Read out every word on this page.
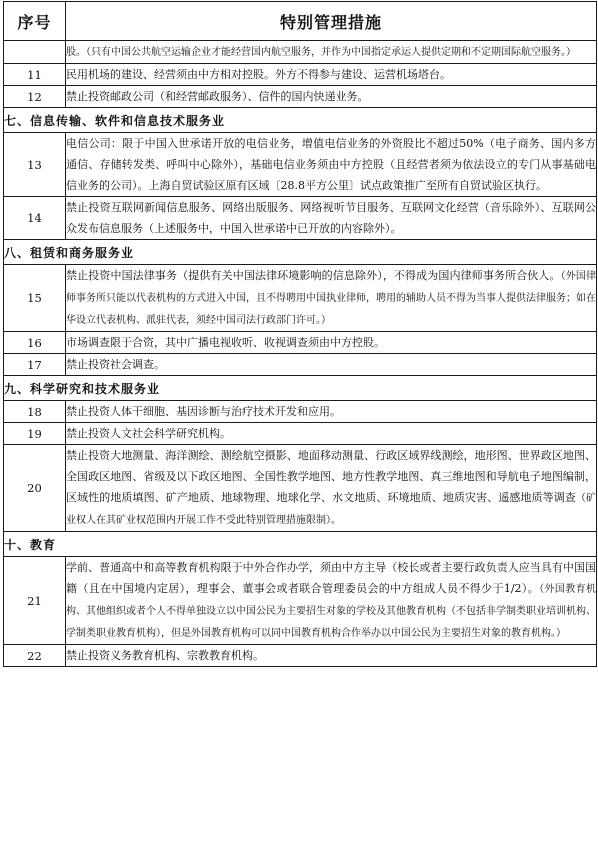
序号	特别管理措施
	股。（只有中国公共航空运输企业才能经营国内航空服务，并作为中国指定承运人提供定期和不定期国际航空服务。）
11	民用机场的建设、经营须由中方相对控股。外方不得参与建设、运营机场塔台。
12	禁止投资邮政公司（和经营邮政服务）、信件的国内快递业务。
七、信息传输、软件和信息技术服务业	
13	电信公司：限于中国入世承诺开放的电信业务，增值电信业务的外资股比不超过50%（电子商务、国内多方通信、存储转发类、呼叫中心除外），基础电信业务须由中方控股（且经营者须为依法设立的专门从事基础电信业务的公司）。上海自贸试验区原有区域〔28.8平方公里〕试点政策推广至所有自贸试验区执行。
14	禁止投资互联网新闻信息服务、网络出版服务、网络视听节目服务、互联网文化经营（音乐除外）、互联网公众发布信息服务（上述服务中，中国入世承诺中已开放的内容除外）。
八、租赁和商务服务业	
15	禁止投资中国法律事务（提供有关中国法律环境影响的信息除外），不得成为国内律师事务所合伙人。（外国律师事务所只能以代表机构的方式进入中国，且不得聘用中国执业律师，聘用的辅助人员不得为当事人提供法律服务；如在华设立代表机构、派驻代表，须经中国司法行政部门许可。）
16	市场调查限于合资，其中广播电视收听、收视调查须由中方控股。
17	禁止投资社会调查。
九、科学研究和技术服务业	
18	禁止投资人体干细胞、基因诊断与治疗技术开发和应用。
19	禁止投资人文社会科学研究机构。
20	禁止投资大地测量、海洋测绘、测绘航空摄影、地面移动测量、行政区域界线测绘，地形图、世界政区地图、全国政区地图、省级及以下政区地图、全国性教学地图、地方性教学地图、真三维地图和导航电子地图编制，区域性的地质填图、矿产地质、地球物理、地球化学、水文地质、环境地质、地质灾害、遥感地质等调查（矿业权人在其矿业权范围内开展工作不受此特别管理措施限制）。
十、教育	
21	学前、普通高中和高等教育机构限于中外合作办学，须由中方主导（校长或者主要行政负责人应当具有中国国籍（且在中国境内定居），理事会、董事会或者联合管理委员会的中方组成人员不得少于1/2）。（外国教育机构、其他组织或者个人不得单独设立以中国公民为主要招生对象的学校及其他教育机构（不包括非学制类职业培训机构、学制类职业教育机构），但是外国教育机构可以同中国教育机构合作举办以中国公民为主要招生对象的教育机构。）
22	禁止投资义务教育机构、宗教教育机构。
